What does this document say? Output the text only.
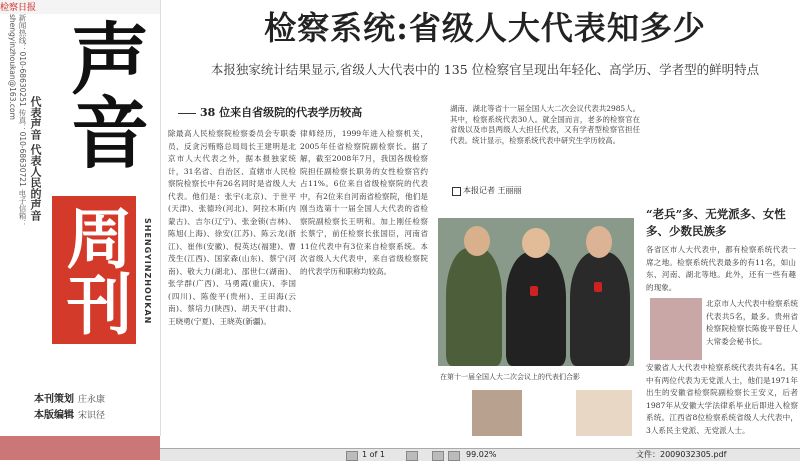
检察日报
新闻热线：010-68630251 传真：010-68630721 电子信箱：shengyinzhoukan@163.com
代表声音 代表人民的声音 声音
周刊	SHENGYINZHOUKAN
本刊策划 庄永康
本版编辑 宋识径
检察系统:省级人大代表知多少
本报独家统计结果显示,省级人大代表中的 135 位检察官呈现出年轻化、高学历、学者型的鲜明特点
38 位来自省级院的代表学历较高
除最高人民检察院检察委员会专职委员、反贪污贿赂总局局长王建明是北京市人大代表之外，据本报独家统计，31名省、自治区、直辖市人民检察院检察长中有26名同时是省级人大代表。他们是：张宇(北京)、于世平(天津)、张德玲(河北)、阿拉木斯(内蒙古)、吉尔(辽宁)、张金锁(吉林)、陈旭(上海)、徐安(江苏)、陈云龙(浙江)、崔伟(安徽)、倪英达(福建)、曹茂生(江西)、国家森(山东)、蔡宁(河南)、敬大力(湖北)、邵世仁(湖南)、张学群(广西)、马勇霞(重庆)、李国(四川)、陈俊平(贵州)、王田海(云南)、蔡培力(陕西)、胡天平(甘肃)、王晓勇(宁夏)、王晓英(新疆)。
律师经历，1999年进入检察机关，2005年任省检察院副检察长。据了解，截至2008年7月，我国各级检察院担任副检察长职务的女性检察官约占11%。6位来自省级检察院的代表中，有2位来自河南省检察院，他们是刚当选第十一届全国人大代表的省检察院副检察长王明和。加上刚任检察长蔡宁，前任检察长张国臣，河南省11位代表中有3位来自检察系统。本次省级人大代表中，来自省级检察院的代表学历和职称均较高。
湖南、湖北等省十一届全国人大二次会议代表共2985人。其中，检察系统代表30人。就全国而言，老多的检察官在省级以及市县两级人大担任代表，又有学者型检察官担任代表。统计显示，检察系统代表中研究生学历较高。
本报记者 王丽丽
在第十一届全国人大二次会议上的代表们合影
“老兵”多、无党派多、女性多、少数民族多
各省区市人大代表中，都有检察系统代表一席之地。检察系统代表最多的有11名，如山东、河南、湖北等地。此外，还有一些有趣的现象。
北京市人大代表中检察系统代表共5名，最多。贵州省检察院检察长陈俊平曾任人大常委会秘书长。
安徽省人大代表中检察系统代表共有4名。其中有两位代表为无党派人士，他们是1971年出生的安徽省检察院副检察长王安义，后者1987年从安徽大学法律系毕业后即进入检察系统。江西省8位检察系统省级人大代表中，3人系民主党派、无党派人士。
1 of 1	99.02%	文件：2009032305.pdf
